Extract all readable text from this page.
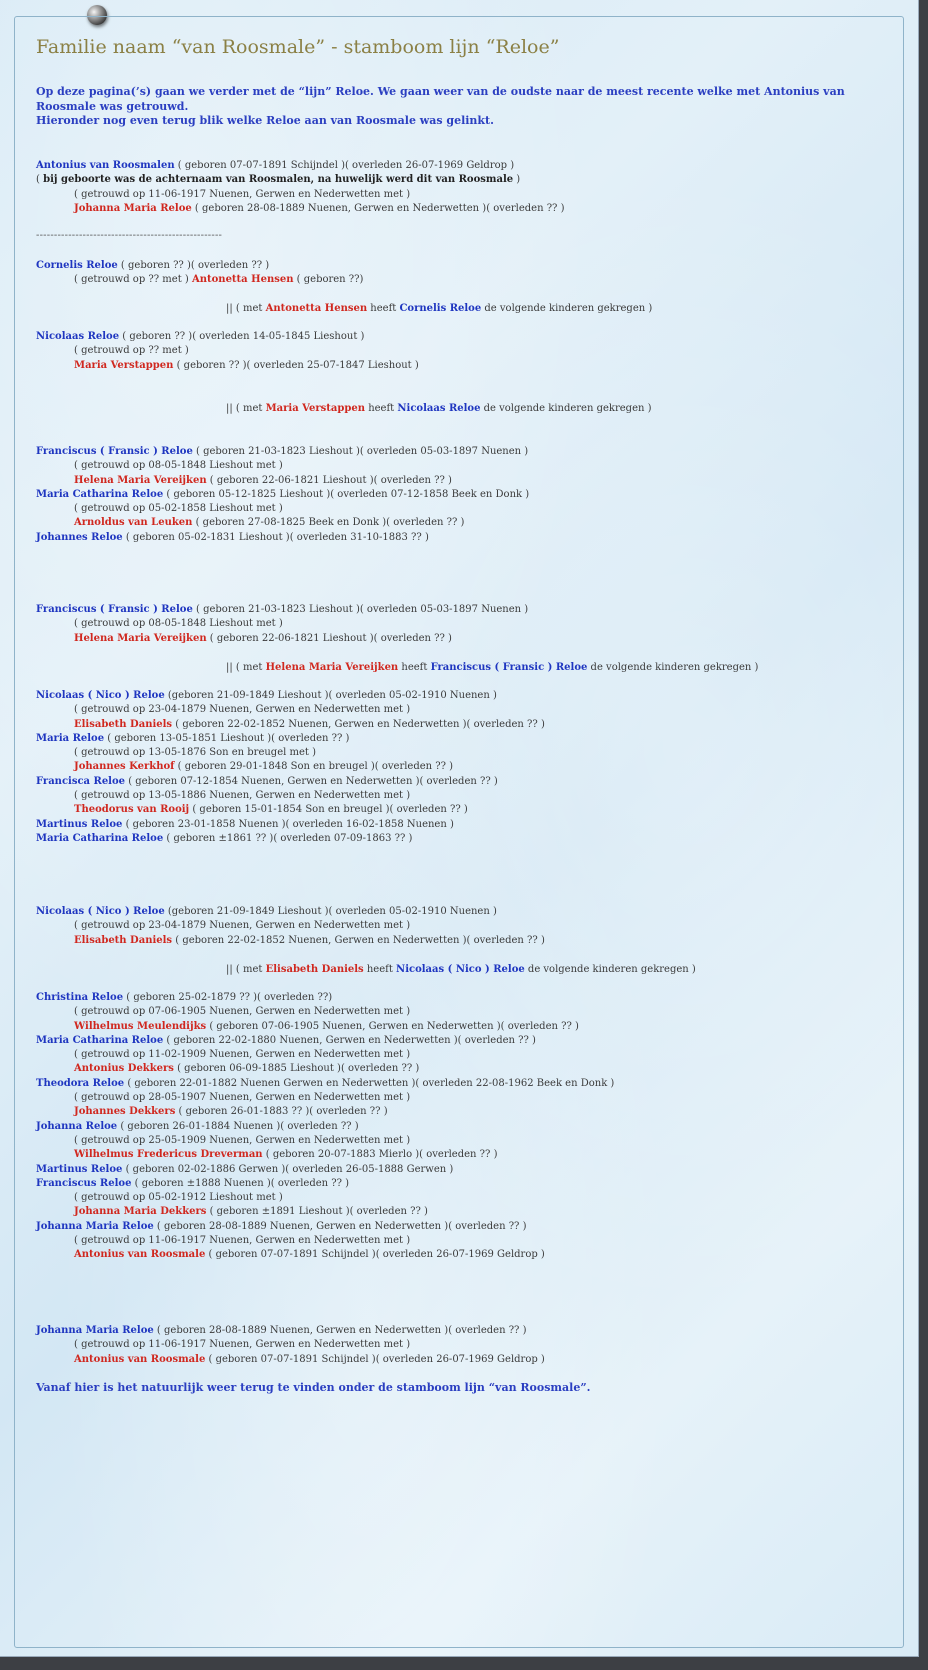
Familie naam “van Roosmale” - stamboom lijn “Reloe”
Op deze pagina(’s) gaan we verder met de “lijn” Reloe. We gaan weer van de oudste naar de meest recente welke met Antonius van Roosmale was getrouwd.
Hieronder nog even terug blik welke Reloe aan van Roosmale was gelinkt.
Antonius van Roosmalen ( geboren 07-07-1891 Schijndel )( overleden 26-07-1969 Geldrop )
( bij geboorte was de achternaam van Roosmalen, na huwelijk werd dit van Roosmale )
( getrouwd op 11-06-1917 Nuenen, Gerwen en Nederwetten met )
Johanna Maria Reloe ( geboren 28-08-1889 Nuenen, Gerwen en Nederwetten )( overleden ?? )
----------------------------------------------------
Cornelis Reloe ( geboren ?? )( overleden ?? )
( getrouwd op ?? met ) Antonetta Hensen ( geboren ??)
|| ( met Antonetta Hensen heeft Cornelis Reloe de volgende kinderen gekregen )
Nicolaas Reloe ( geboren ?? )( overleden 14-05-1845 Lieshout )
( getrouwd op ?? met )
Maria Verstappen ( geboren ?? )( overleden 25-07-1847 Lieshout )
|| ( met Maria Verstappen heeft Nicolaas Reloe de volgende kinderen gekregen )
Franciscus ( Fransic ) Reloe ( geboren 21-03-1823 Lieshout )( overleden 05-03-1897 Nuenen )
( getrouwd op 08-05-1848 Lieshout met )
Helena Maria Vereijken ( geboren 22-06-1821 Lieshout )( overleden ?? )
Maria Catharina Reloe ( geboren 05-12-1825 Lieshout )( overleden 07-12-1858 Beek en Donk )
( getrouwd op 05-02-1858 Lieshout met )
Arnoldus van Leuken ( geboren 27-08-1825 Beek en Donk )( overleden ?? )
Johannes Reloe ( geboren 05-02-1831 Lieshout )( overleden 31-10-1883 ?? )
Franciscus ( Fransic ) Reloe ( geboren 21-03-1823 Lieshout )( overleden 05-03-1897 Nuenen )
( getrouwd op 08-05-1848 Lieshout met )
Helena Maria Vereijken ( geboren 22-06-1821 Lieshout )( overleden ?? )
|| ( met Helena Maria Vereijken heeft Franciscus ( Fransic ) Reloe de volgende kinderen gekregen )
Nicolaas ( Nico ) Reloe (geboren 21-09-1849 Lieshout )( overleden 05-02-1910 Nuenen )
( getrouwd op 23-04-1879 Nuenen, Gerwen en Nederwetten met )
Elisabeth Daniels ( geboren 22-02-1852 Nuenen, Gerwen en Nederwetten )( overleden ?? )
Maria Reloe ( geboren 13-05-1851 Lieshout )( overleden ?? )
( getrouwd op 13-05-1876 Son en breugel met )
Johannes Kerkhof ( geboren 29-01-1848 Son en breugel )( overleden ?? )
Francisca Reloe ( geboren 07-12-1854 Nuenen, Gerwen en Nederwetten )( overleden ?? )
( getrouwd op 13-05-1886 Nuenen, Gerwen en Nederwetten met )
Theodorus van Rooij ( geboren 15-01-1854 Son en breugel )( overleden ?? )
Martinus Reloe ( geboren 23-01-1858 Nuenen )( overleden 16-02-1858 Nuenen )
Maria Catharina Reloe ( geboren ±1861 ?? )( overleden 07-09-1863 ?? )
Nicolaas ( Nico ) Reloe (geboren 21-09-1849 Lieshout )( overleden 05-02-1910 Nuenen )
( getrouwd op 23-04-1879 Nuenen, Gerwen en Nederwetten met )
Elisabeth Daniels ( geboren 22-02-1852 Nuenen, Gerwen en Nederwetten )( overleden ?? )
|| ( met Elisabeth Daniels heeft Nicolaas ( Nico ) Reloe de volgende kinderen gekregen )
Christina Reloe ( geboren 25-02-1879 ?? )( overleden ??)
( getrouwd op 07-06-1905 Nuenen, Gerwen en Nederwetten met )
Wilhelmus Meulendijks ( geboren 07-06-1905 Nuenen, Gerwen en Nederwetten )( overleden ?? )
Maria Catharina Reloe ( geboren 22-02-1880 Nuenen, Gerwen en Nederwetten )( overleden ?? )
( getrouwd op 11-02-1909 Nuenen, Gerwen en Nederwetten met )
Antonius Dekkers ( geboren 06-09-1885 Lieshout )( overleden ?? )
Theodora Reloe ( geboren 22-01-1882 Nuenen Gerwen en Nederwetten )( overleden 22-08-1962 Beek en Donk )
( getrouwd op 28-05-1907 Nuenen, Gerwen en Nederwetten met )
Johannes Dekkers ( geboren 26-01-1883 ?? )( overleden ?? )
Johanna Reloe ( geboren 26-01-1884 Nuenen )( overleden ?? )
( getrouwd op 25-05-1909 Nuenen, Gerwen en Nederwetten met )
Wilhelmus Fredericus Dreverman ( geboren 20-07-1883 Mierlo )( overleden ?? )
Martinus Reloe ( geboren 02-02-1886 Gerwen )( overleden 26-05-1888 Gerwen )
Franciscus Reloe ( geboren ±1888 Nuenen )( overleden ?? )
( getrouwd op 05-02-1912 Lieshout met )
Johanna Maria Dekkers ( geboren ±1891 Lieshout )( overleden ?? )
Johanna Maria Reloe ( geboren 28-08-1889 Nuenen, Gerwen en Nederwetten )( overleden ?? )
( getrouwd op 11-06-1917 Nuenen, Gerwen en Nederwetten met )
Antonius van Roosmale ( geboren 07-07-1891 Schijndel )( overleden 26-07-1969 Geldrop )
Johanna Maria Reloe ( geboren 28-08-1889 Nuenen, Gerwen en Nederwetten )( overleden ?? )
( getrouwd op 11-06-1917 Nuenen, Gerwen en Nederwetten met )
Antonius van Roosmale ( geboren 07-07-1891 Schijndel )( overleden 26-07-1969 Geldrop )
Vanaf hier is het natuurlijk weer terug te vinden onder de stamboom lijn “van Roosmale”.
